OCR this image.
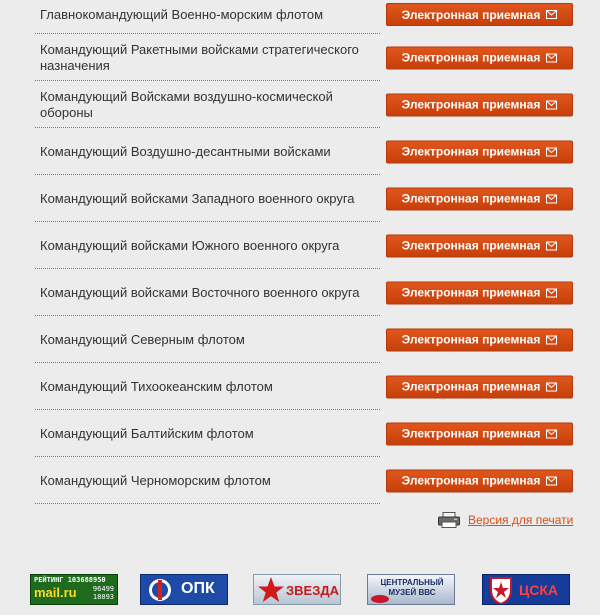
Главнокомандующий Военно-морским флотом	Электронная приемная
Командующий Ракетными войсками стратегического назначения	Электронная приемная
Командующий Войсками воздушно-космической обороны	Электронная приемная
Командующий Воздушно-десантными войсками	Электронная приемная
Командующий войсками Западного военного округа	Электронная приемная
Командующий войсками Южного военного округа	Электронная приемная
Командующий войсками Восточного военного округа	Электронная приемная
Командующий Северным флотом	Электронная приемная
Командующий Тихоокеанским флотом	Электронная приемная
Командующий Балтийским флотом	Электронная приемная
Командующий Черноморским флотом	Электронная приемная
Версия для печати
РЕЙТИНГ 103688950
mail.ru 96499
18093	ОПК	ЗВЕЗДА
ЦЕНТРАЛЬНЫЙ МУЗЕЙ ВВС	ЦСКА
